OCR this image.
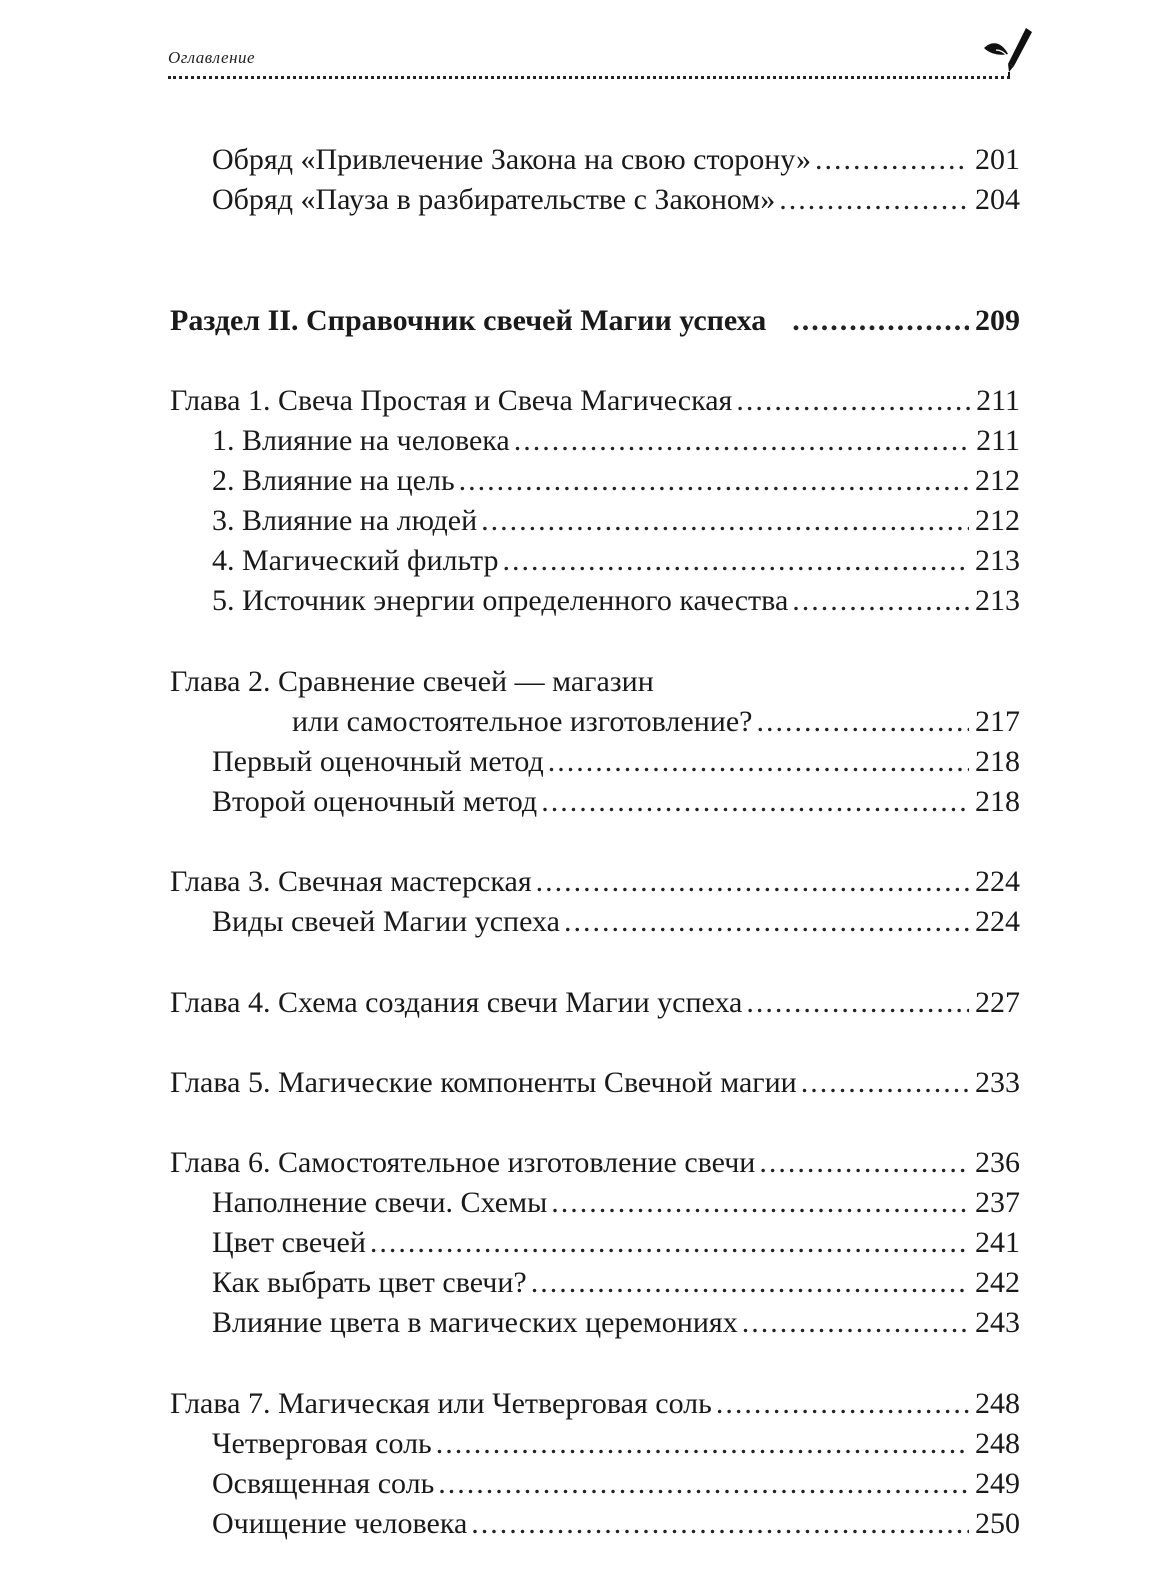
Оглавление
Обряд «Привлечение Закона на свою сторону» .....	201
Обряд «Пауза в разбирательстве с Законом» .....	204
Раздел II. Справочник свечей Магии успеха .....	209
Глава 1. Свеча Простая и Свеча Магическая .....	211
1. Влияние на человека .....	211
2. Влияние на цель .....	212
3. Влияние на людей .....	212
4. Магический фильтр .....	213
5. Источник энергии определенного качества .....	213
Глава 2. Сравнение свечей — магазин
или самостоятельное изготовление? .....	217
Первый оценочный метод .....	218
Второй оценочный метод .....	218
Глава 3. Свечная мастерская .....	224
Виды свечей Магии успеха .....	224
Глава 4. Схема создания свечи Магии успеха .....	227
Глава 5. Магические компоненты Свечной магии .....	233
Глава 6. Самостоятельное изготовление свечи .....	236
Наполнение свечи. Схемы .....	237
Цвет свечей .....	241
Как выбрать цвет свечи? .....	242
Влияние цвета в магических церемониях .....	243
Глава 7. Магическая или Четверговая соль .....	248
Четверговая соль .....	248
Освященная соль .....	249
Очищение человека .....	250
